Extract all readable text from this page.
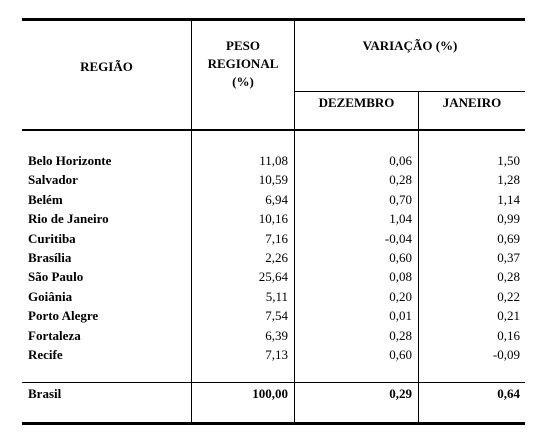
REGIÃO
PESO
REGIONAL
(%)
VARIAÇÃO (%)
DEZEMBRO	JANEIRO
Belo Horizonte	11,08	0,06	1,50
Salvador	10,59	0,28	1,28
Belém	6,94	0,70	1,14
Rio de Janeiro	10,16	1,04	0,99
Curitiba	7,16	-0,04	0,69
Brasília	2,26	0,60	0,37
São Paulo	25,64	0,08	0,28
Goiânia	5,11	0,20	0,22
Porto Alegre	7,54	0,01	0,21
Fortaleza	6,39	0,28	0,16
Recife	7,13	0,60	-0,09
Brasil	100,00	0,29	0,64
